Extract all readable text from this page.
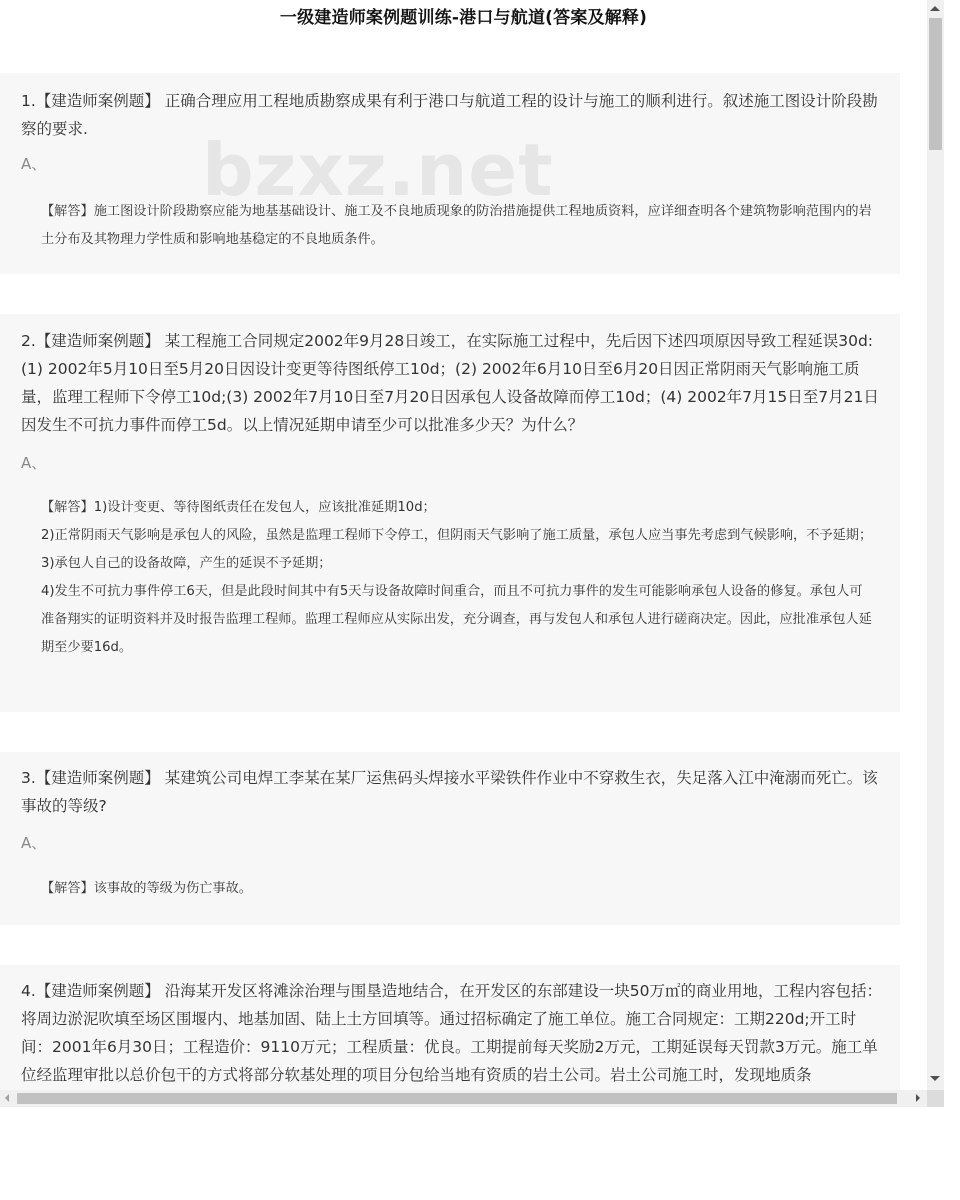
一级建造师案例题训练-港口与航道(答案及解释)
1.【建造师案例题】 正确合理应用工程地质勘察成果有利于港口与航道工程的设计与施工的顺利进行。叙述施工图设计阶段勘察的要求.
A、

【解答】施工图设计阶段勘察应能为地基基础设计、施工及不良地质现象的防治措施提供工程地质资料，应详细查明各个建筑物影响范围内的岩土分布及其物理力学性质和影响地基稳定的不良地质条件。

bzxz.net
2.【建造师案例题】 某工程施工合同规定2002年9月28日竣工，在实际施工过程中，先后因下述四项原因导致工程延误30d:(1) 2002年5月10日至5月20日因设计变更等待图纸停工10d；(2) 2002年6月10日至6月20日因正常阴雨天气影响施工质量，监理工程师下令停工10d;(3) 2002年7月10日至7月20日因承包人设备故障而停工10d；(4) 2002年7月15日至7月21日因发生不可抗力事件而停工5d。以上情况延期申请至少可以批准多少天？为什么？
A、

【解答】1)设计变更、等待图纸责任在发包人，应该批准延期10d；

2)正常阴雨天气影响是承包人的风险，虽然是监理工程师下令停工，但阴雨天气影响了施工质量，承包人应当事先考虑到气候影响，不予延期；

3)承包人自己的设备故障，产生的延误不予延期；

4)发生不可抗力事件停工6天，但是此段时间其中有5天与设备故障时间重合，而且不可抗力事件的发生可能影响承包人设备的修复。承包人可准备翔实的证明资料并及时报告监理工程师。监理工程师应从实际出发，充分调查，再与发包人和承包人进行磋商决定。因此，应批准承包人延期至少要16d。

3.【建造师案例题】 某建筑公司电焊工李某在某厂运焦码头焊接水平梁铁件作业中不穿救生衣，失足落入江中淹溺而死亡。该事故的等级?
A、

【解答】该事故的等级为伤亡事故。

4.【建造师案例题】 沿海某开发区将滩涂治理与围垦造地结合，在开发区的东部建设一块50万㎡的商业用地，工程内容包括：将周边淤泥吹填至场区围堰内、地基加固、陆上土方回填等。通过招标确定了施工单位。施工合同规定：工期220d;开工时间：2001年6月30日；工程造价：9110万元；工程质量：优良。工期提前每天奖励2万元，工期延误每天罚款3万元。施工单位经监理审批以总价包干的方式将部分软基处理的项目分包给当地有资质的岩土公司。岩土公司施工时，发现地质条
